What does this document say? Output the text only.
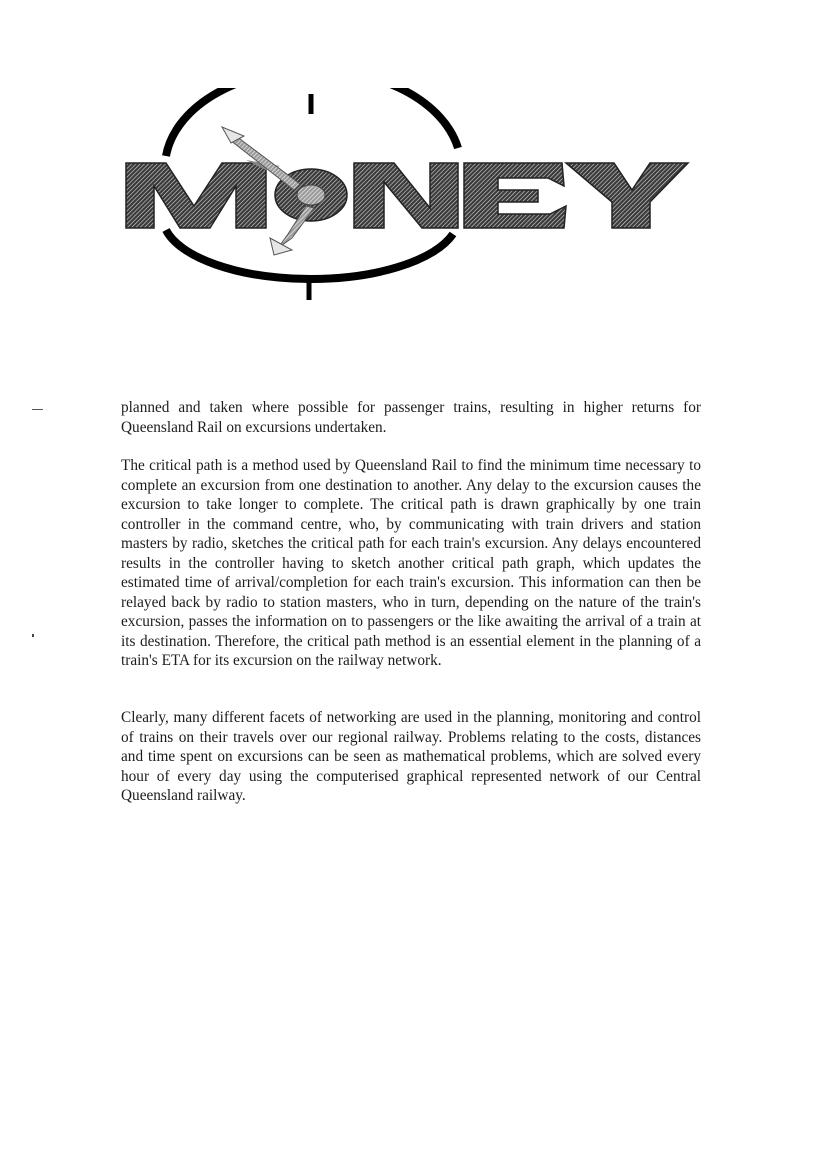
planned and taken where possible for passenger trains, resulting in higher returns for Queensland Rail on excursions undertaken.

The critical path is a method used by Queensland Rail to find the minimum time necessary to complete an excursion from one destination to another. Any delay to the excursion causes the excursion to take longer to complete. The critical path is drawn graphically by one train controller in the command centre, who, by communicating with train drivers and station masters by radio, sketches the critical path for each train's excursion. Any delays encountered results in the controller having to sketch another critical path graph, which updates the estimated time of arrival/completion for each train's excursion. This information can then be relayed back by radio to station masters, who in turn, depending on the nature of the train's excursion, passes the information on to passengers or the like awaiting the arrival of a train at its destination. Therefore, the critical path method is an essential element in the planning of a train's ETA for its excursion on the railway network.

Clearly, many different facets of networking are used in the planning, monitoring and control of trains on their travels over our regional railway. Problems relating to the costs, distances and time spent on excursions can be seen as mathematical problems, which are solved every hour of every day using the computerised graphical represented network of our Central Queensland railway.
